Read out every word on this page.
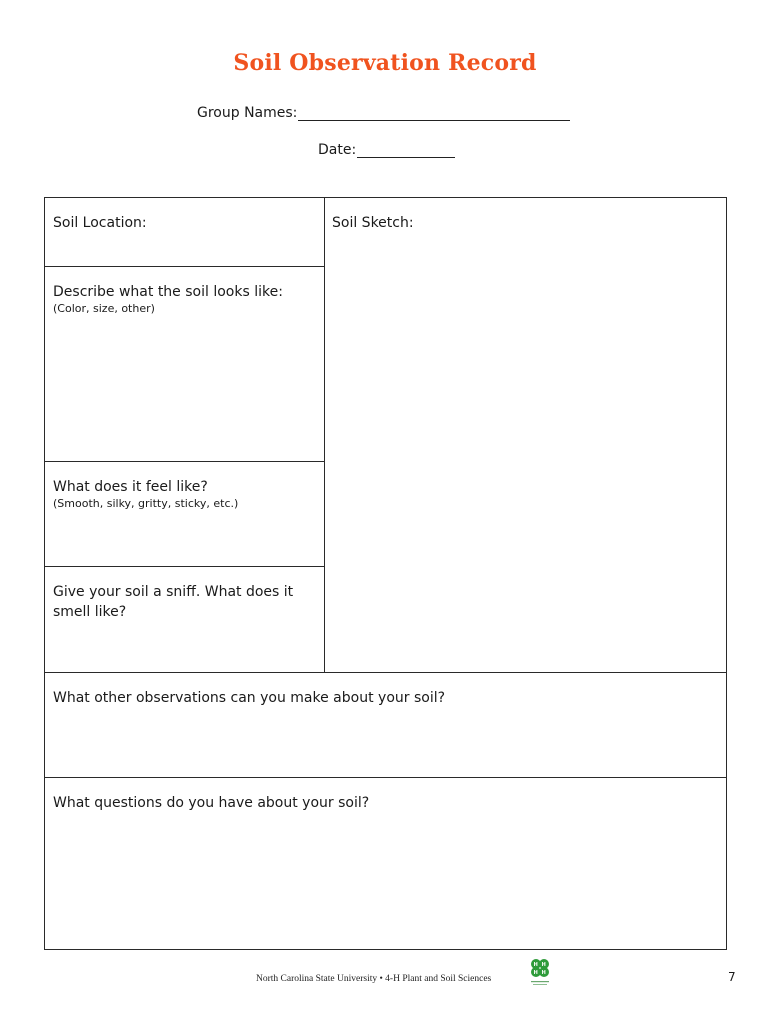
Soil Observation Record
Group Names:
Date:
Soil Location:	Soil Sketch:
Describe what the soil looks like:
(Color, size, other)
What does it feel like?
(Smooth, silky, gritty, sticky, etc.)
Give your soil a sniff. What does it
smell like?
What other observations can you make about your soil?
What questions do you have about your soil?
North Carolina State University • 4-H Plant and Soil Sciences
H H
H H	7
